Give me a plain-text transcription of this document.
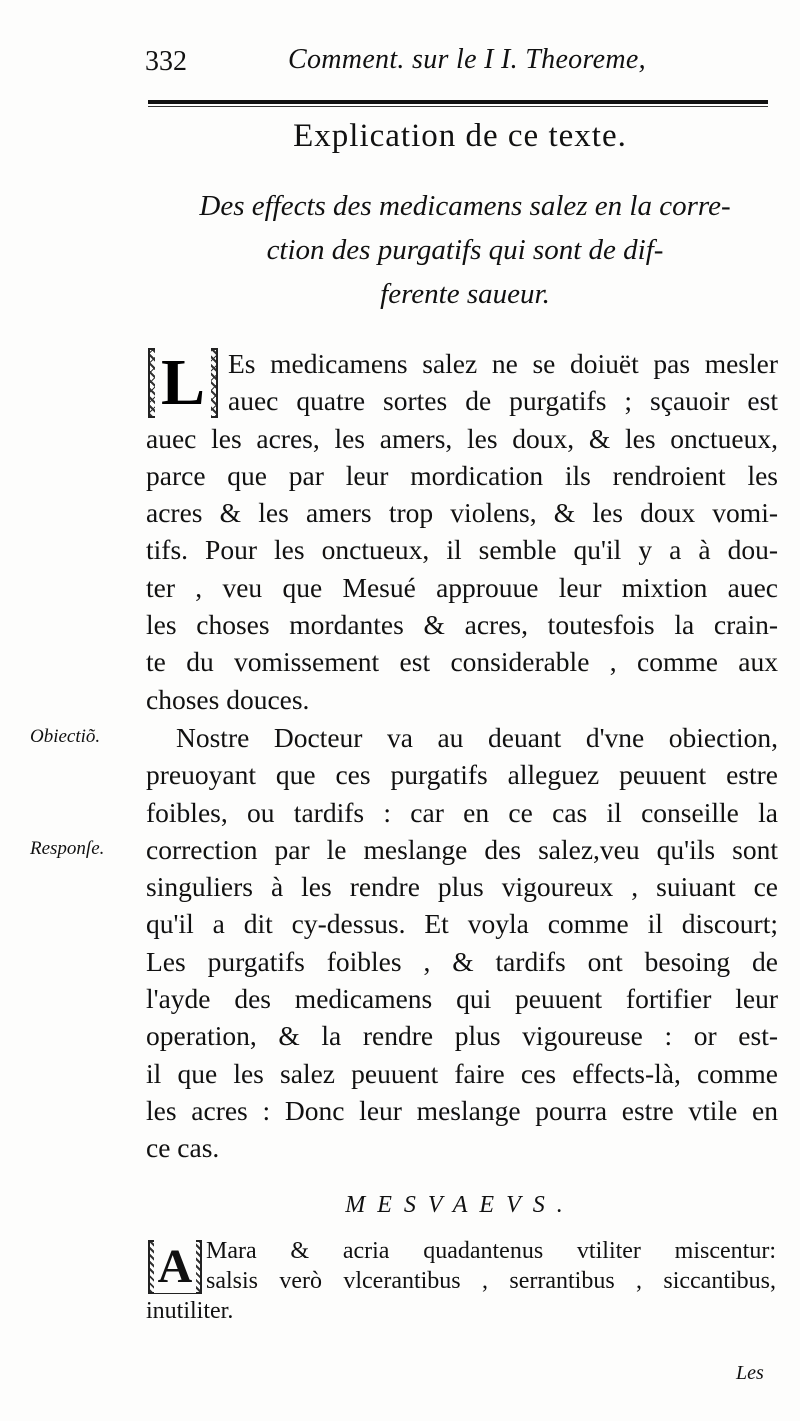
332	Comment. sur le I I. Theoreme,
Explication de ce texte.
Des effects des medicamens salez en la corre-
ction des purgatifs qui sont de dif-
ferente saueur.
L Es medicamens salez ne se doiuët pas mesler
auec quatre sortes de purgatifs ; sçauoir est
auec les acres, les amers, les doux, & les onctueux,
parce que par leur mordication ils rendroient les
acres & les amers trop violens, & les doux vomi-
tifs. Pour les onctueux, il semble qu'il y a à dou-
ter , veu que Mesué approuue leur mixtion auec
les choses mordantes & acres, toutesfois la crain-
te du vomissement est considerable , comme aux
choses douces.
Obiectiõ.
Responſe.
Nostre Docteur va au deuant d'vne obiection,
preuoyant que ces purgatifs alleguez peuuent estre
foibles, ou tardifs : car en ce cas il conseille la
correction par le meslange des salez,veu qu'ils sont
singuliers à les rendre plus vigoureux , suiuant ce
qu'il a dit cy-dessus. Et voyla comme il discourt;
Les purgatifs foibles , & tardifs ont besoing de
l'ayde des medicamens qui peuuent fortifier leur
operation, & la rendre plus vigoureuse : or est-
il que les salez peuuent faire ces effects-là, comme
les acres : Donc leur meslange pourra estre vtile en
ce cas.
MESVAEVS.
A Mara & acria quadantenus vtiliter miscentur:
salsis verò vlcerantibus , serrantibus , siccantibus,
inutiliter.
Les
